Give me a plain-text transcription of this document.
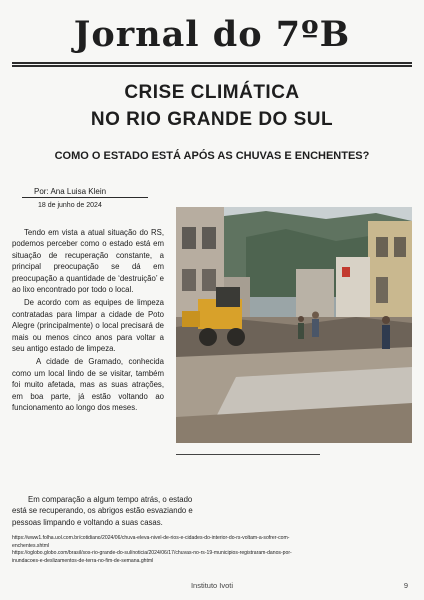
Jornal do 7ºB
CRISE CLIMÁTICA
NO RIO GRANDE DO SUL
COMO O ESTADO ESTÁ APÓS AS CHUVAS E ENCHENTES?
Por: Ana Luisa Klein
18 de junho de 2024

Tendo em vista a atual situação do RS, podemos perceber como o estado está em situação de recuperação constante, a principal preocupação se dá em preocupação a quantidade de ‘destruição’ e ao lixo encontrado por todo o local.

De acordo com as equipes de limpeza contratadas para limpar a cidade de Poto Alegre (principalmente) o local precisará de mais ou menos cinco anos para voltar a seu antigo estado de limpeza.

A cidade de Gramado, conhecida como um local lindo de se visitar, também foi muito afetada, mas as suas atrações, em boa parte, já estão voltando ao funcionamento ao longo dos meses.

Em comparação a algum tempo atrás, o estado
está se recuperando, os abrigos estão esvaziando e
pessoas limpando e voltando a suas casas.
https://www1.folha.uol.com.br/cotidiano/2024/06/chuva-eleva-nivel-de-rios-e-cidades-do-interior-do-rs-voltam-a-sofrer-com-
enchentes.shtml
https://oglobo.globo.com/brasil/sos-rio-grande-do-sul/noticia/2024/06/17/chuvas-no-rs-19-municipios-registraram-danos-por-
inundacoes-e-deslizamentos-de-terra-no-fim-de-semana.ghtml
Instituto Ivoti	9
